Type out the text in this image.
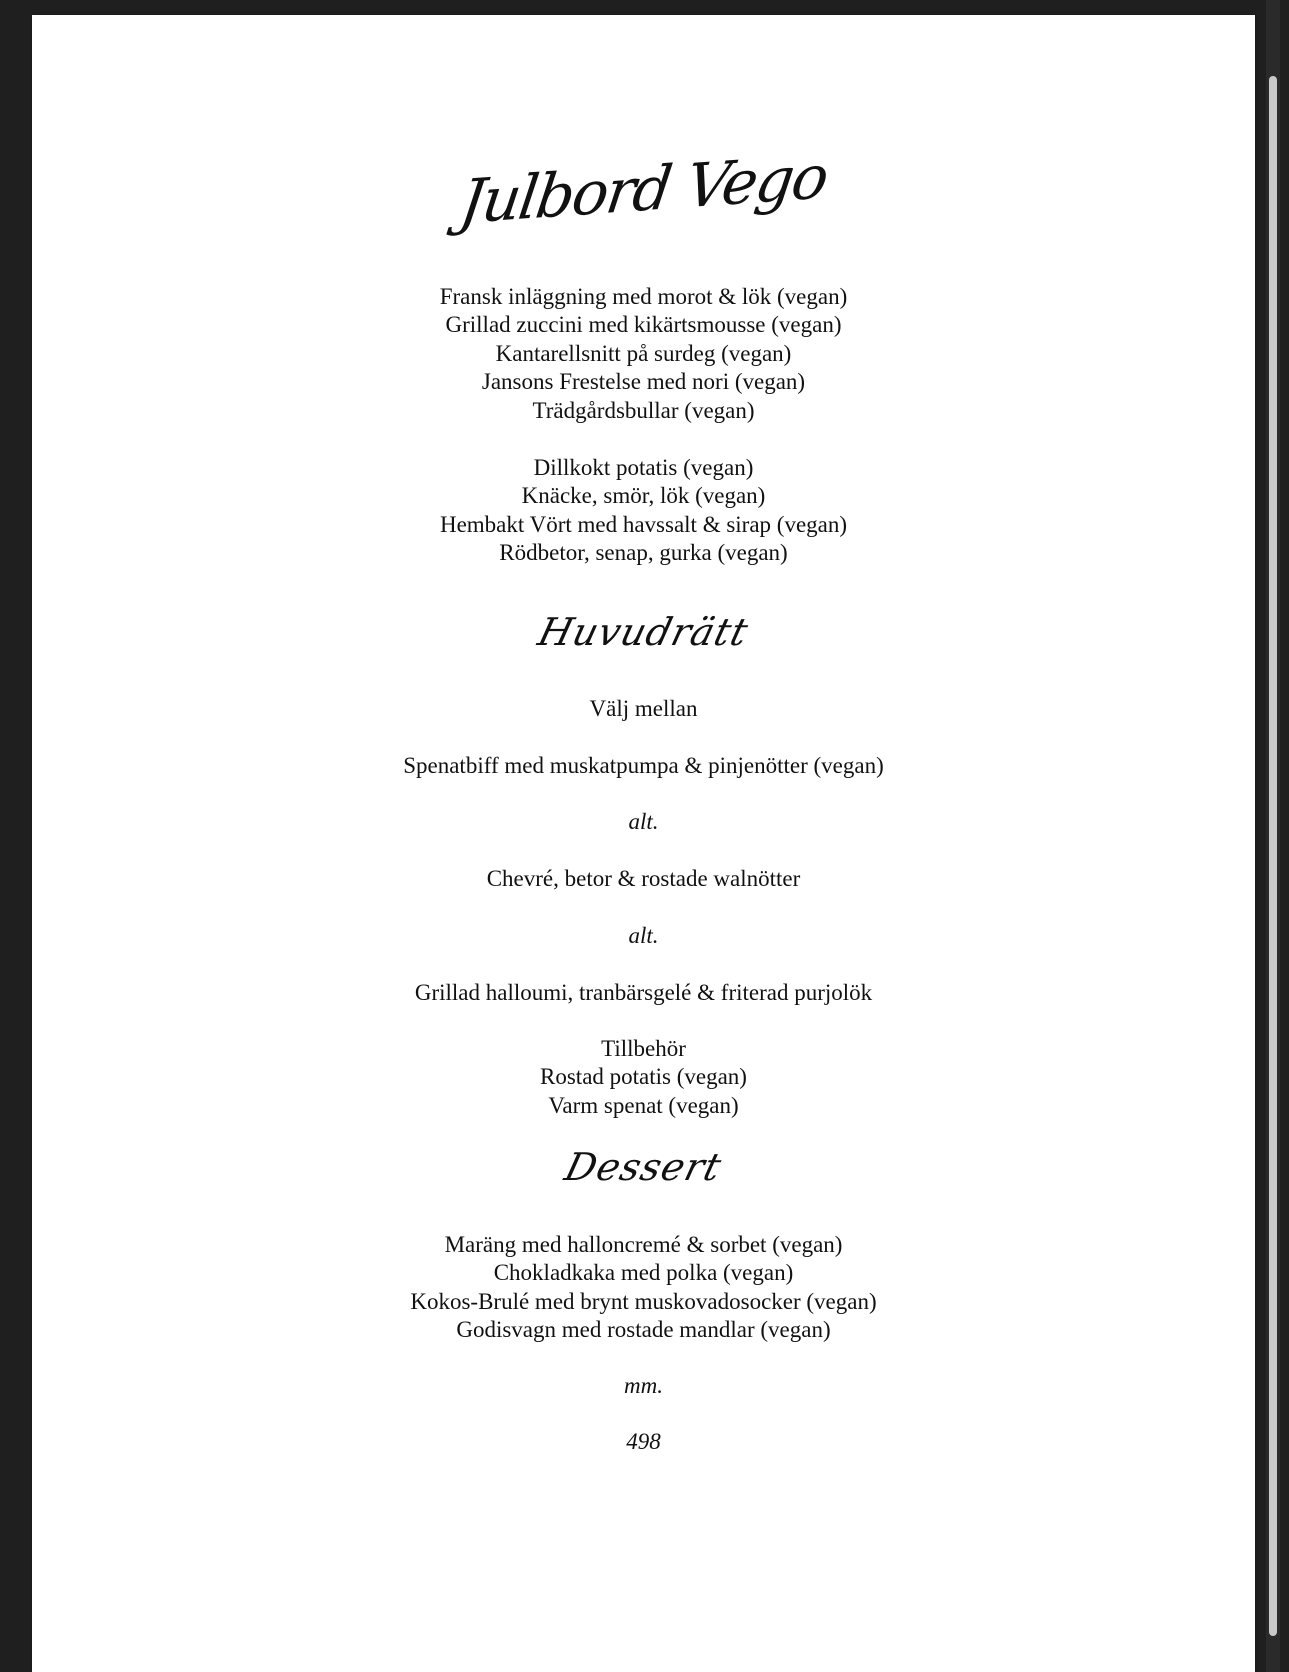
Julbord Vego
Fransk inläggning med morot & lök (vegan)
Grillad zuccini med kikärtsmousse (vegan)
Kantarellsnitt på surdeg (vegan)
Jansons Frestelse med nori (vegan)
Trädgårdsbullar (vegan)
Dillkokt potatis (vegan)
Knäcke, smör, lök (vegan)
Hembakt Vört med havssalt & sirap (vegan)
Rödbetor, senap, gurka (vegan)
Huvudrätt
Välj mellan
Spenatbiff med muskatpumpa & pinjenötter (vegan)
alt.
Chevré, betor & rostade walnötter
alt.
Grillad halloumi, tranbärsgelé & friterad purjolök
Tillbehör
Rostad potatis (vegan)
Varm spenat (vegan)
Dessert
Maräng med halloncremé & sorbet (vegan)
Chokladkaka med polka (vegan)
Kokos-Brulé med brynt muskovadosocker (vegan)
Godisvagn med rostade mandlar (vegan)
mm.
498
